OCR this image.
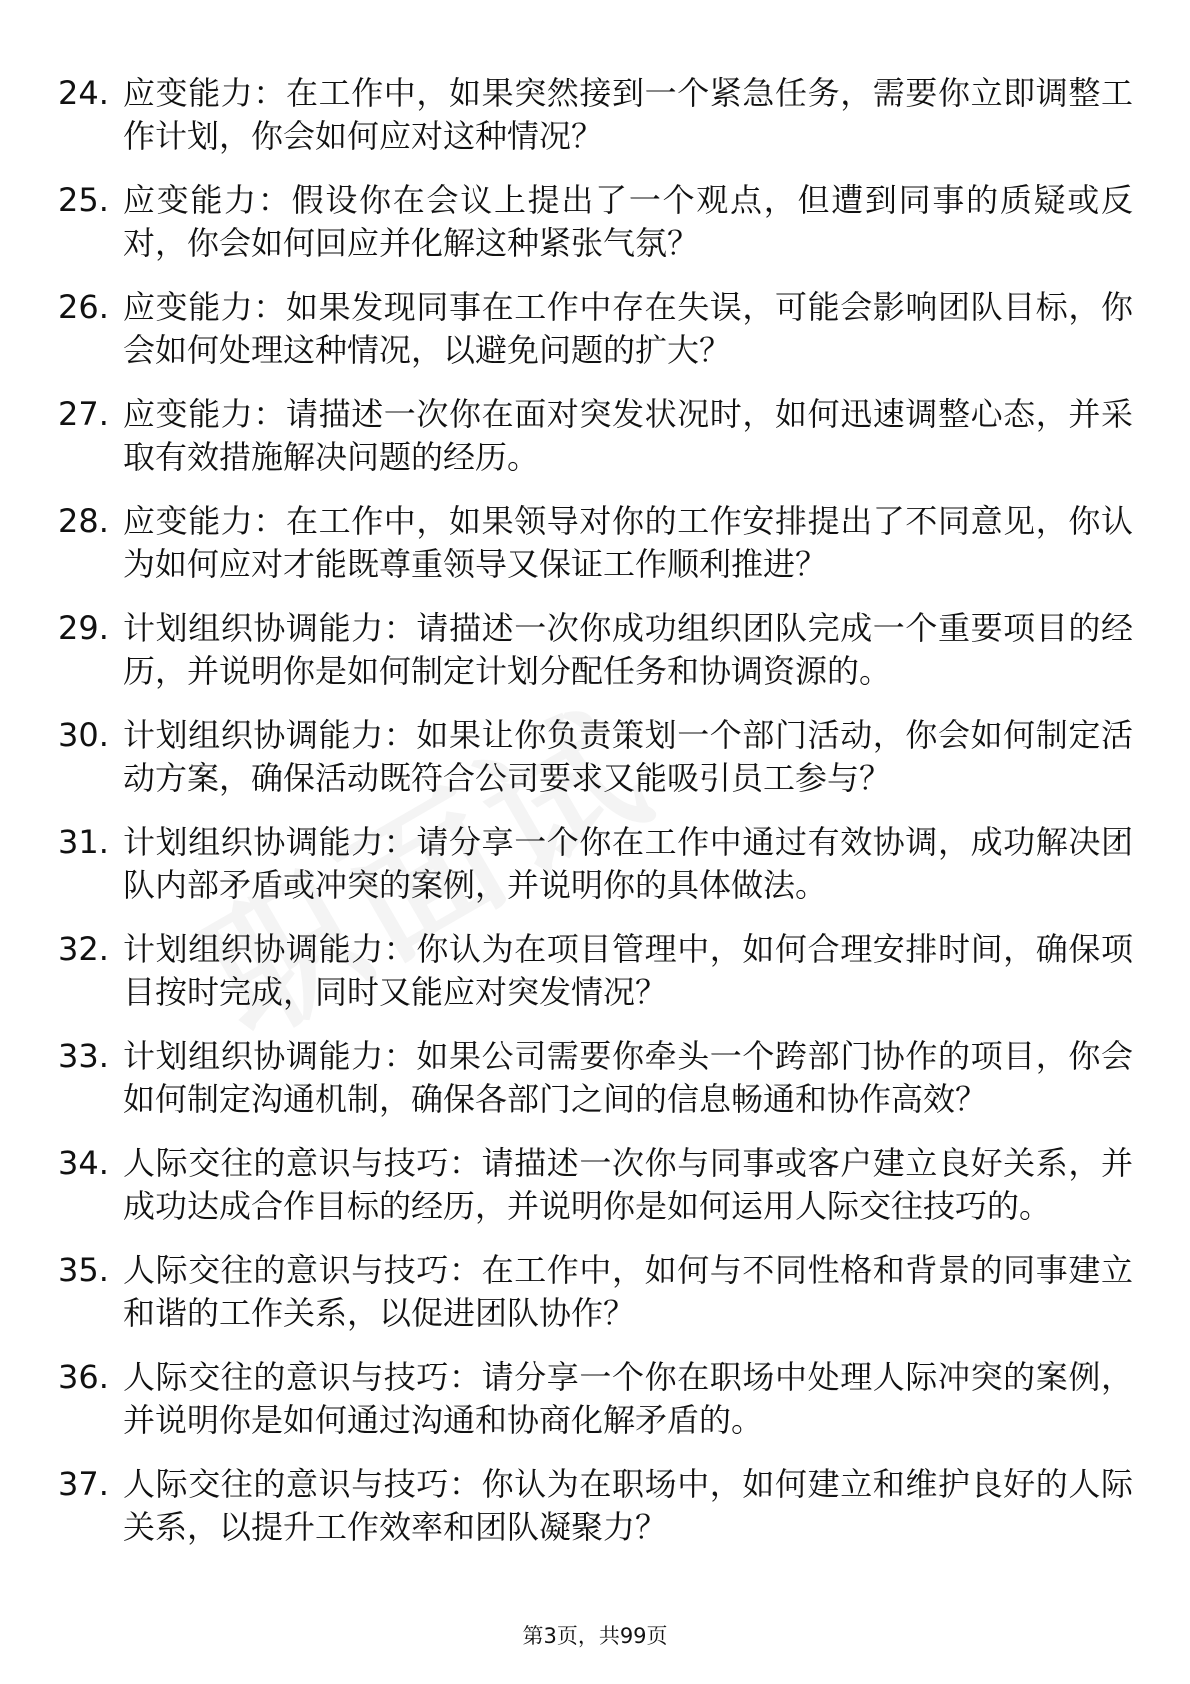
24. 应变能力：在工作中，如果突然接到一个紧急任务，需要你立即调整工作计划，你会如何应对这种情况？
25. 应变能力：假设你在会议上提出了一个观点，但遭到同事的质疑或反对，你会如何回应并化解这种紧张气氛？
26. 应变能力：如果发现同事在工作中存在失误，可能会影响团队目标，你会如何处理这种情况，以避免问题的扩大？
27. 应变能力：请描述一次你在面对突发状况时，如何迅速调整心态，并采取有效措施解决问题的经历。
28. 应变能力：在工作中，如果领导对你的工作安排提出了不同意见，你认为如何应对才能既尊重领导又保证工作顺利推进？
29. 计划组织协调能力：请描述一次你成功组织团队完成一个重要项目的经历，并说明你是如何制定计划分配任务和协调资源的。
30. 计划组织协调能力：如果让你负责策划一个部门活动，你会如何制定活动方案，确保活动既符合公司要求又能吸引员工参与？
31. 计划组织协调能力：请分享一个你在工作中通过有效协调，成功解决团队内部矛盾或冲突的案例，并说明你的具体做法。
32. 计划组织协调能力：你认为在项目管理中，如何合理安排时间，确保项目按时完成，同时又能应对突发情况？
33. 计划组织协调能力：如果公司需要你牵头一个跨部门协作的项目，你会如何制定沟通机制，确保各部门之间的信息畅通和协作高效？
34. 人际交往的意识与技巧：请描述一次你与同事或客户建立良好关系，并成功达成合作目标的经历，并说明你是如何运用人际交往技巧的。
35. 人际交往的意识与技巧：在工作中，如何与不同性格和背景的同事建立和谐的工作关系，以促进团队协作？
36. 人际交往的意识与技巧：请分享一个你在职场中处理人际冲突的案例，并说明你是如何通过沟通和协商化解矛盾的。
37. 人际交往的意识与技巧：你认为在职场中，如何建立和维护良好的人际关系，以提升工作效率和团队凝聚力？
第3页，共99页
